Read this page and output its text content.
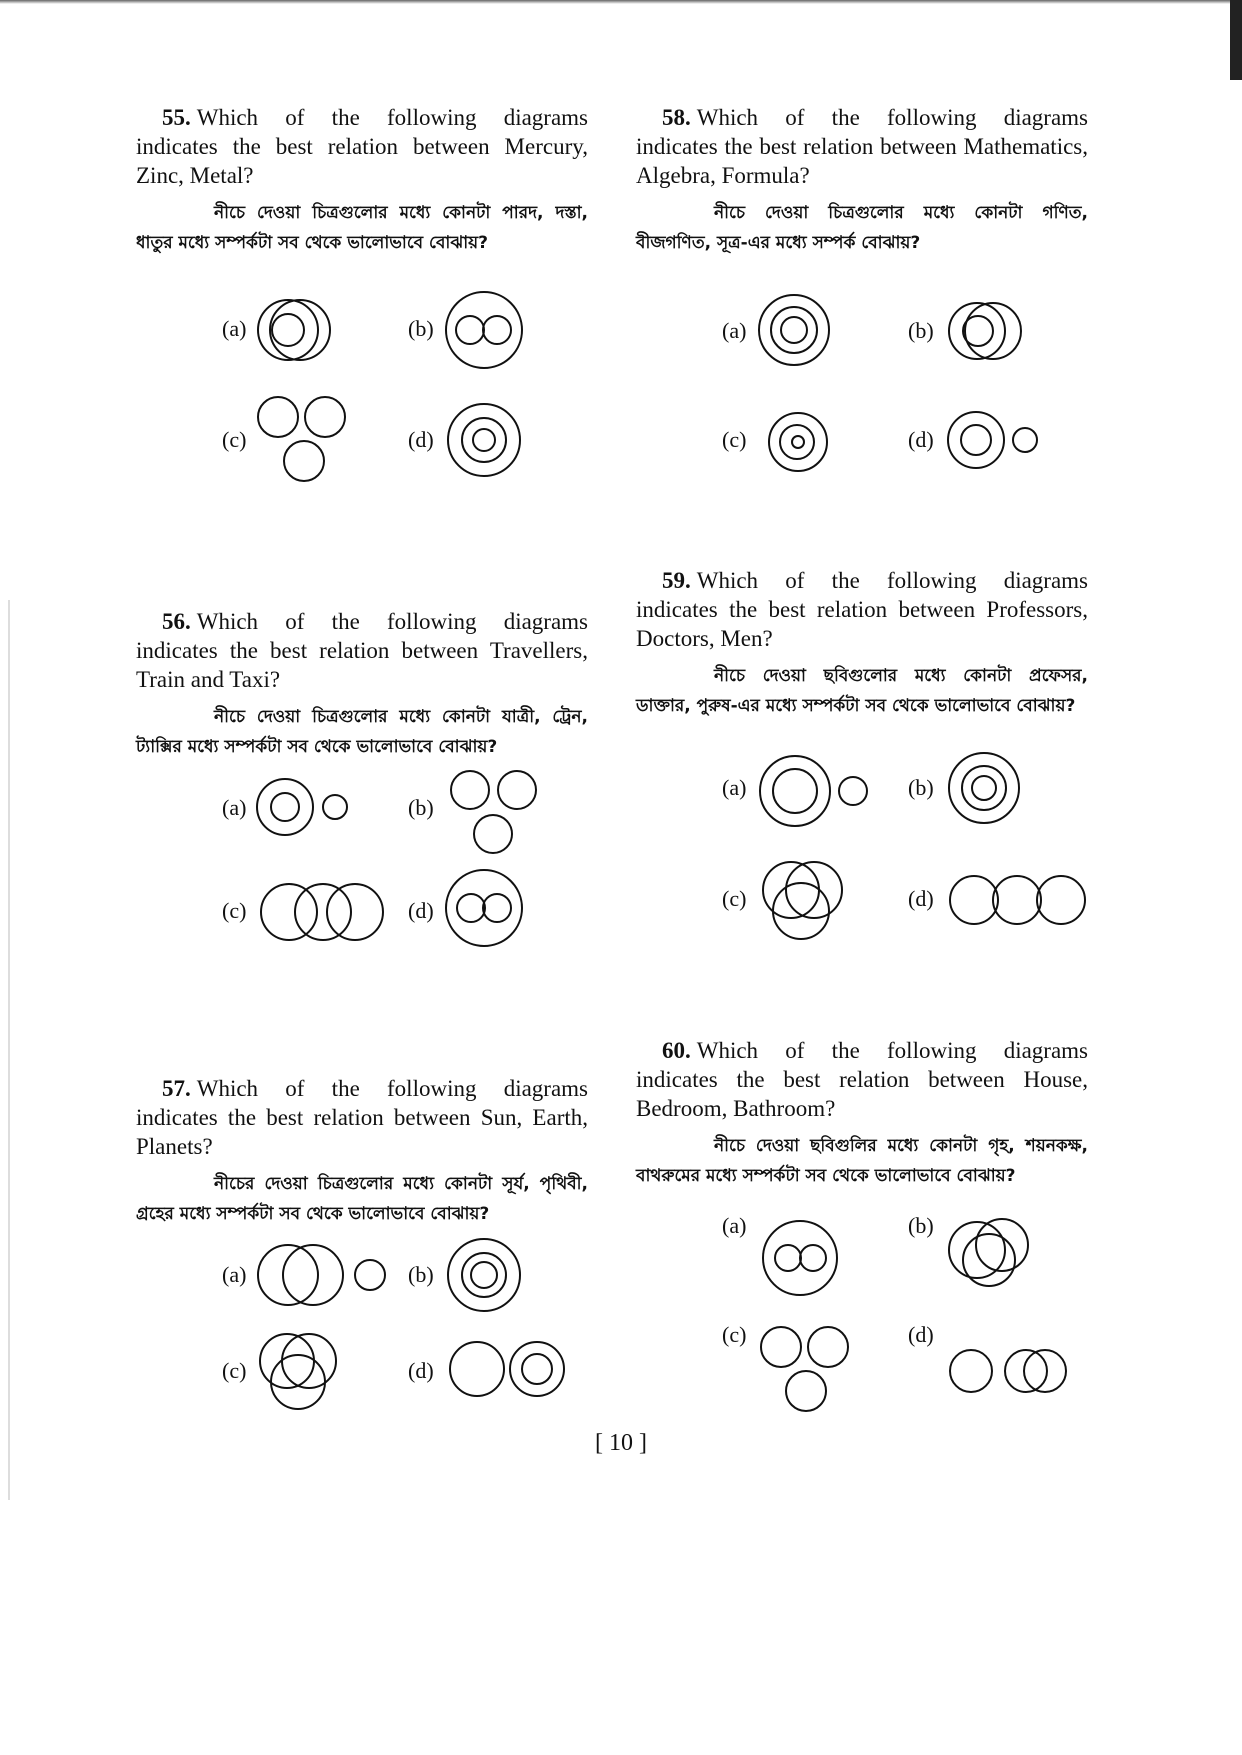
55. Which of the following diagrams indicates the best relation between Mercury, Zinc, Metal?

নীচে দেওয়া চিত্রগুলোর মধ্যে কোনটা পারদ, দস্তা, ধাতুর মধ্যে সম্পর্কটা সব থেকে ভালোভাবে বোঝায়?

(a)	(b)
(c)	(d)

56. Which of the following diagrams indicates the best relation between Travellers, Train and Taxi?

নীচে দেওয়া চিত্রগুলোর মধ্যে কোনটা যাত্রী, ট্রেন, ট্যাক্সির মধ্যে সম্পর্কটা সব থেকে ভালোভাবে বোঝায়?

(a)	(b)
(c)	(d)

57. Which of the following diagrams indicates the best relation between Sun, Earth, Planets?

নীচের দেওয়া চিত্রগুলোর মধ্যে কোনটা সূর্য, পৃথিবী, গ্রহের মধ্যে সম্পর্কটা সব থেকে ভালোভাবে বোঝায়?

(a)	(b)
(c)	(d)

58. Which of the following diagrams indicates the best relation between Mathematics, Algebra, Formula?

নীচে দেওয়া চিত্রগুলোর মধ্যে কোনটা গণিত, বীজগণিত, সূত্র-এর মধ্যে সম্পর্ক বোঝায়?

(a)	(b)
(c)	(d)

59. Which of the following diagrams indicates the best relation between Professors, Doctors, Men?

নীচে দেওয়া ছবিগুলোর মধ্যে কোনটা প্রফেসর, ডাক্তার, পুরুষ-এর মধ্যে সম্পর্কটা সব থেকে ভালোভাবে বোঝায়?

(a)	(b)
(c)	(d)

60. Which of the following diagrams indicates the best relation between House, Bedroom, Bathroom?

নীচে দেওয়া ছবিগুলির মধ্যে কোনটা গৃহ, শয়নকক্ষ, বাথরুমের মধ্যে সম্পর্কটা সব থেকে ভালোভাবে বোঝায়?

(a)	(b)
(c)	(d)
[ 10 ]
